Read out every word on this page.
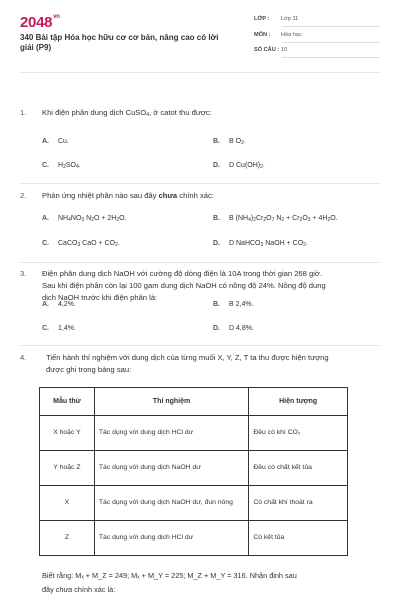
$2048^{vn}$
340 Bài tập Hóa học hữu cơ cơ bản, nâng cao có lời giải (P9)
LỚP : Lớp 11
MÔN : Hóa học
SỐ CÂU : 10
1.	Khi điện phân dung dịch CuSO$_4$, ở catot thu được:
A. Cu.	B. B $O_2$.
C. $H_2SO_4$.	D. D $Cu(OH)_2$.
2.	Phản ứng nhiệt phân nào sau đây chưa chính xác:
A. $NH_4NO_3$ $N_2O + 2H_2O$.	B. B $(NH_4)_2Cr_2O_7$ $N_2 + Cr_2O_3 + 4H_2O$.
C. CaCO$_3$ CaO + $CO_2$.	D. D NaHCO$_3$ NaOH + $CO_2$.
3.	Điện phân dung dịch NaOH với cường độ dòng điện là 10A trong thời gian 268 giờ.
Sau khi điện phân còn lại 100 gam dung dịch NaOH có nồng độ 24%. Nồng độ dung
dịch NaOH trước khi điện phân là:
A. 4,2%.	B. B 2,4%.
C. 1,4%.	D. D 4,8%.
4.	Tiến hành thí nghiệm với dung dịch của từng muối X, Y, Z, T ta thu được hiện tượng
được ghi trong bảng sau:
Mẫu thử	Thí nghiệm	Hiện tượng
X hoặc Y	Tác dụng với dung dịch HCl dư	Đều có khí CO₂
Y hoặc Z	Tác dụng với dung dịch NaOH dư	Đều có chất kết tủa
X	Tác dụng với dung dịch NaOH dư, đun nóng	Có chất khí thoát ra
Z	Tác dụng với dung dịch HCl dư	Có kết tủa
Biết rằng: Mₓ + M_Z = 249; Mₓ + M_Y = 225; M_Z + M_Y = 316. Nhận định sau
đây chưa chính xác là:
